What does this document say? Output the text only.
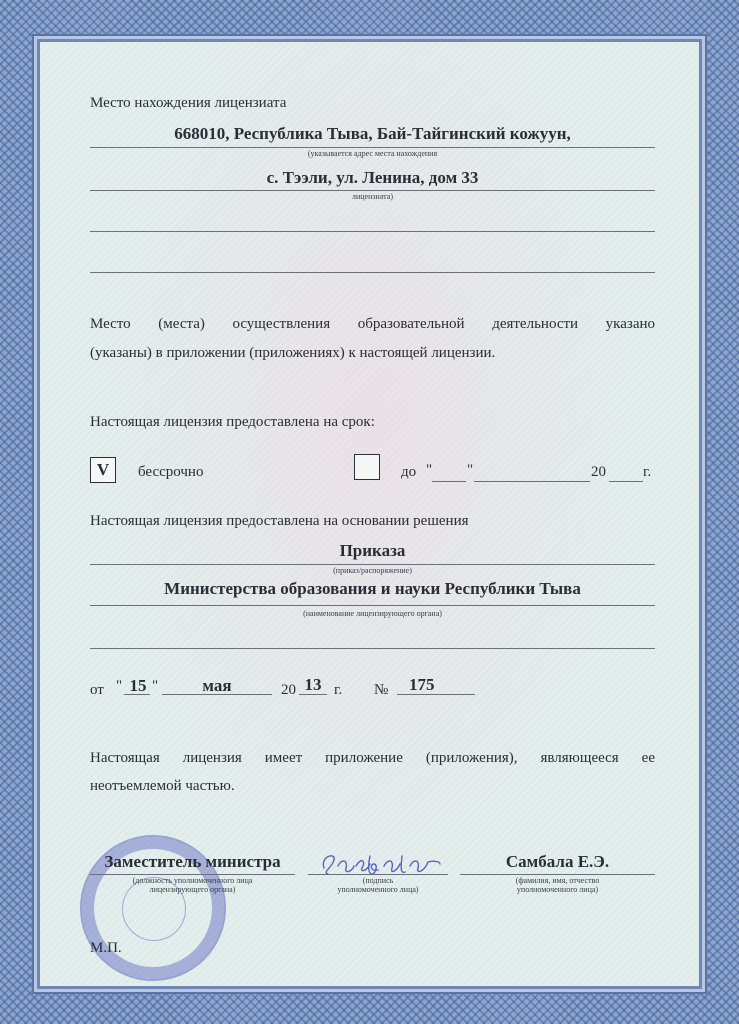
Место нахождения лицензиата
668010, Республика Тыва, Бай-Тайгинский кожуун,
(указывается адрес места нахождения
с. Тээли, ул. Ленина, дом 33
лицензиата)
Место (места) осуществления образовательной деятельности указано
(указаны) в приложении (приложениях) к настоящей лицензии.
Настоящая лицензия предоставлена на срок:
V бессрочно	до " "	20 г.
Настоящая лицензия предоставлена на основании решения
Приказа
(приказ/распоряжение)
Министерства образования и науки Республики Тыва
(наименование лицензирующего органа)
от " 15 "	мая	20 13 г. №	175
Настоящая лицензия имеет приложение (приложения), являющееся ее
неотъемлемой частью.
Заместитель министра
(должность уполномоченного лица
лицензирующего органа)
(подпись
уполномоченного лица)
Самбала Е.Э.
(фамилия, имя, отчество
уполномоченного лица)
М.П.
